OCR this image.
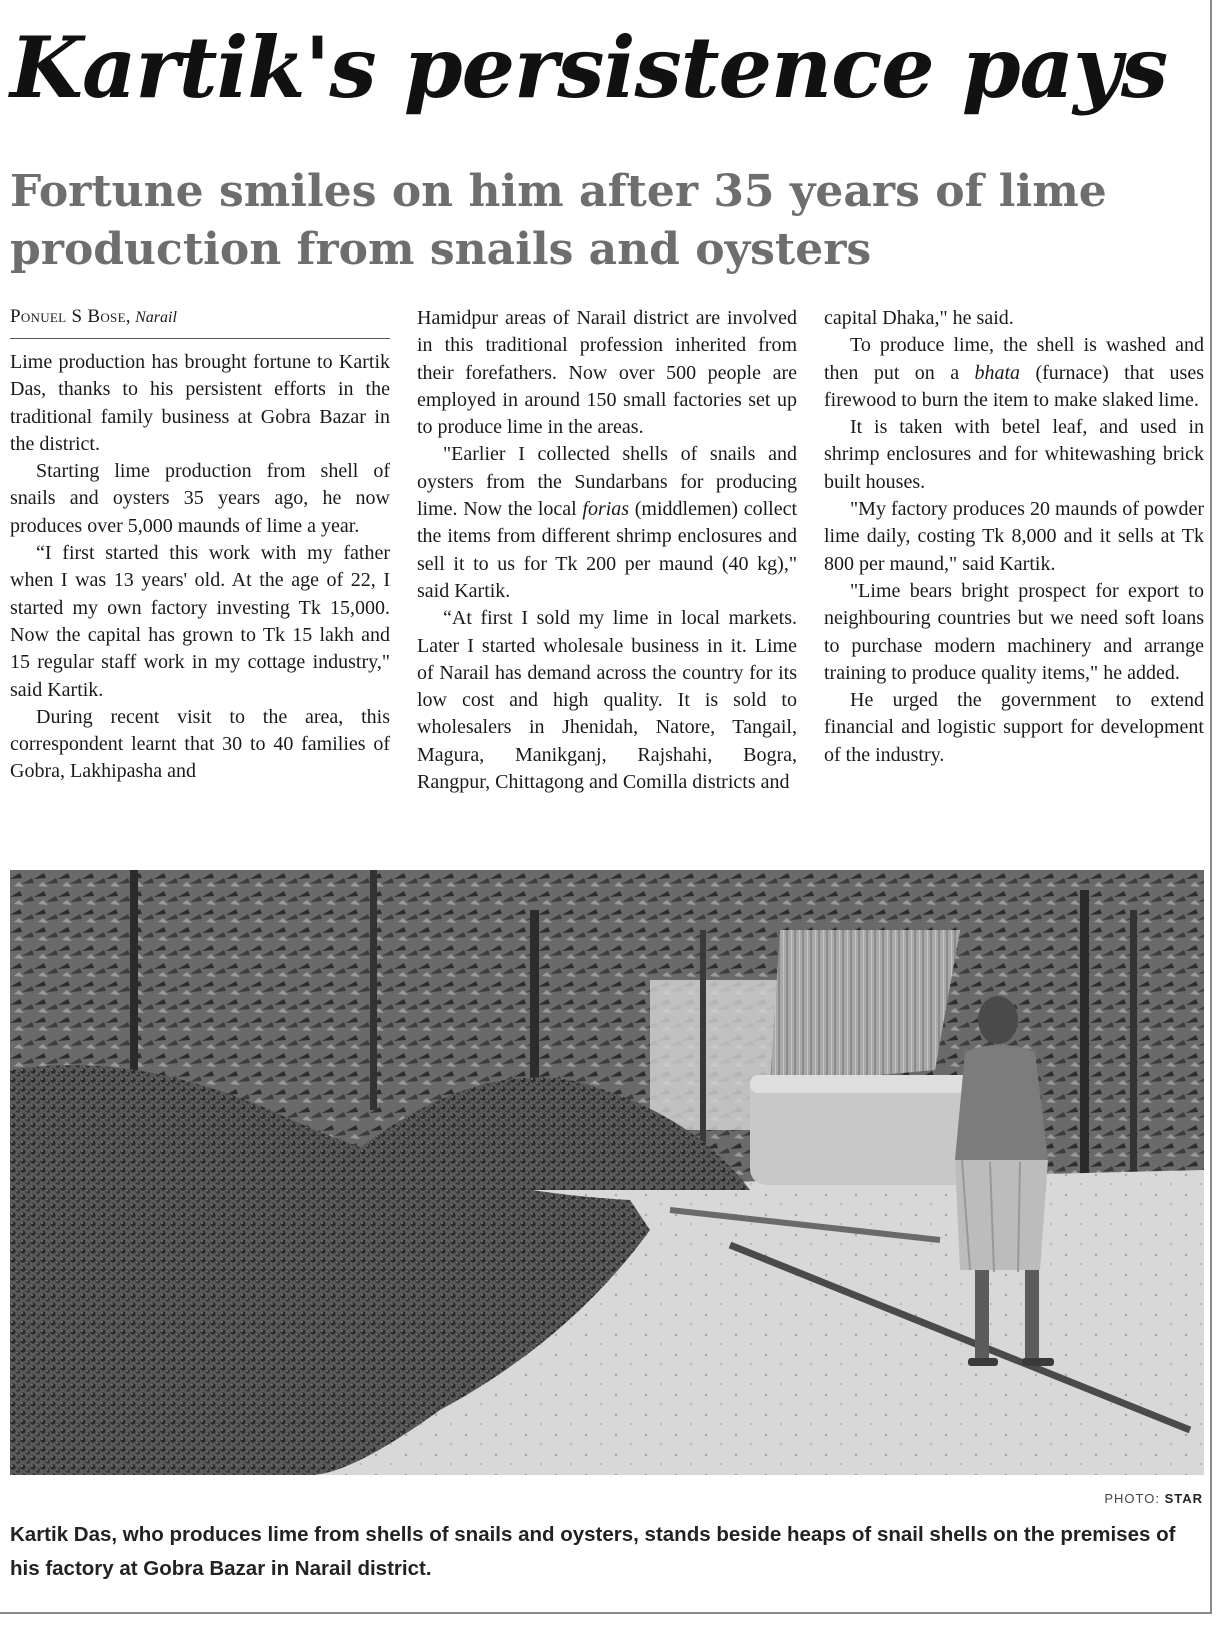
Kartik's persistence pays
Fortune smiles on him after 35 years of lime production from snails and oysters
Ponuel S Bose, Narail

Lime production has brought fortune to Kartik Das, thanks to his persistent efforts in the traditional family business at Gobra Bazar in the district.

Starting lime production from shell of snails and oysters 35 years ago, he now produces over 5,000 maunds of lime a year.

“I first started this work with my father when I was 13 years' old. At the age of 22, I started my own factory investing Tk 15,000. Now the capital has grown to Tk 15 lakh and 15 regular staff work in my cottage industry," said Kartik.

During recent visit to the area, this correspondent learnt that 30 to 40 families of Gobra, Lakhipasha and

Hamidpur areas of Narail district are involved in this traditional profession inherited from their forefathers. Now over 500 people are employed in around 150 small factories set up to produce lime in the areas.

"Earlier I collected shells of snails and oysters from the Sundarbans for producing lime. Now the local forias (middlemen) collect the items from different shrimp enclosures and sell it to us for Tk 200 per maund (40 kg)," said Kartik.

“At first I sold my lime in local markets. Later I started wholesale business in it. Lime of Narail has demand across the country for its low cost and high quality. It is sold to wholesalers in Jhenidah, Natore, Tangail, Magura, Manikganj, Rajshahi, Bogra, Rangpur, Chittagong and Comilla districts and

capital Dhaka," he said.

To produce lime, the shell is washed and then put on a bhata (furnace) that uses firewood to burn the item to make slaked lime.

It is taken with betel leaf, and used in shrimp enclosures and for whitewashing brick built houses.

"My factory produces 20 maunds of powder lime daily, costing Tk 8,000 and it sells at Tk 800 per maund," said Kartik.

"Lime bears bright prospect for export to neighbouring countries but we need soft loans to purchase modern machinery and arrange training to produce quality items," he added.

He urged the government to extend financial and logistic support for development of the industry.

PHOTO: STAR
Kartik Das, who produces lime from shells of snails and oysters, stands beside heaps of snail shells on the premises of his factory at Gobra Bazar in Narail district.
